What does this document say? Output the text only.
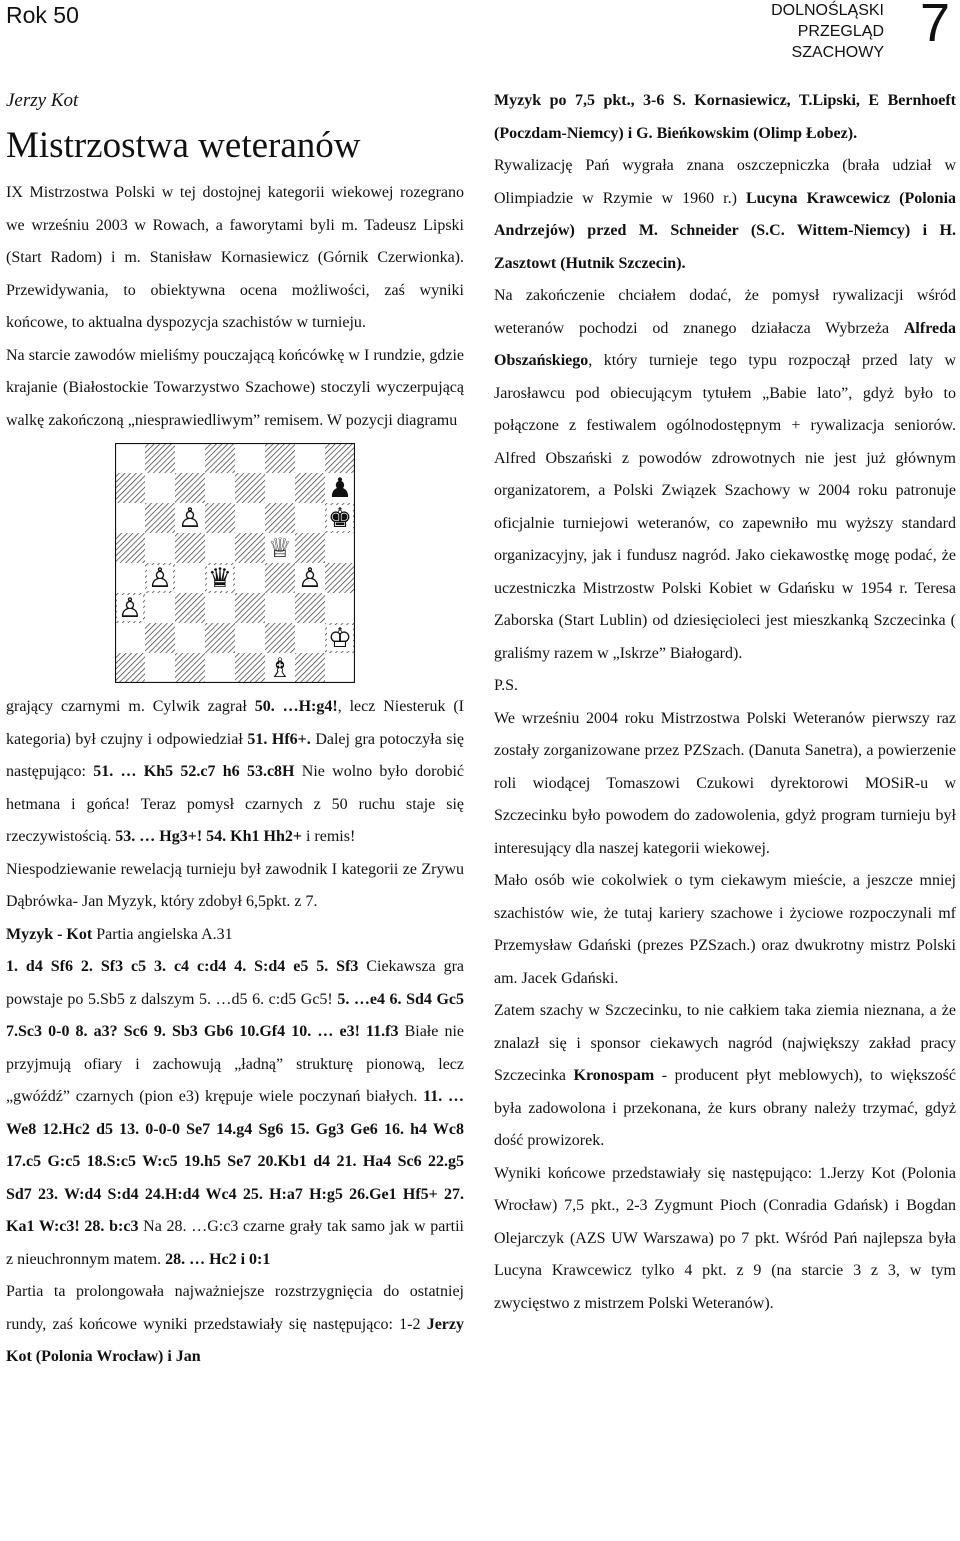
Rok 50	DOLNOŚLĄSKI
PRZEGLĄD
SZACHOWY 7

Jerzy Kot

Mistrzostwa weteranów

IX Mistrzostwa Polski w tej dostojnej kategorii wiekowej rozegrano we wrześniu 2003 w Rowach, a faworytami byli m. Tadeusz Lipski (Start Radom) i m. Stanisław Kornasiewicz (Górnik Czerwionka). Przewidywania, to obiektywna ocena możliwości, zaś wyniki końcowe, to aktualna dyspozycja szachistów w turnieju.

Na starcie zawodów mieliśmy pouczającą końcówkę w I rundzie, gdzie krajanie (Białostockie Towarzystwo Szachowe) stoczyli wyczerpującą walkę zakończoną „niesprawiedliwym” remisem. W pozycji diagramu

♟
♙	♚
♕
♙ ♛ ♙
♙
♔
♗

grający czarnymi m. Cylwik zagrał 50. …H:g4!, lecz Niesteruk (I kategoria) był czujny i odpowiedział 51. Hf6+. Dalej gra potoczyła się następująco: 51. … Kh5 52.c7 h6 53.c8H Nie wolno było dorobić hetmana i gońca! Teraz pomysł czarnych z 50 ruchu staje się rzeczywistością. 53. … Hg3+! 54. Kh1 Hh2+ i remis!

Niespodziewanie rewelacją turnieju był zawodnik I kategorii ze Zrywu Dąbrówka- Jan Myzyk, który zdobył 6,5pkt. z 7.

Myzyk - Kot Partia angielska A.31

1. d4 Sf6 2. Sf3 c5 3. c4 c:d4 4. S:d4 e5 5. Sf3 Ciekawsza gra powstaje po 5.Sb5 z dalszym 5. …d5 6. c:d5 Gc5! 5. …e4 6. Sd4 Gc5 7.Sc3 0-0 8. a3? Sc6 9. Sb3 Gb6 10.Gf4 10. … e3! 11.f3 Białe nie przyjmują ofiary i zachowują „ładną” strukturę pionową, lecz „gwóźdź” czarnych (pion e3) krępuje wiele poczynań białych. 11. …We8 12.Hc2 d5 13. 0-0-0 Se7 14.g4 Sg6 15. Gg3 Ge6 16. h4 Wc8 17.c5 G:c5 18.S:c5 W:c5 19.h5 Se7 20.Kb1 d4 21. Ha4 Sc6 22.g5 Sd7 23. W:d4 S:d4 24.H:d4 Wc4 25. H:a7 H:g5 26.Ge1 Hf5+ 27. Ka1 W:c3! 28. b:c3 Na 28. …G:c3 czarne grały tak samo jak w partii z nieuchronnym matem. 28. … Hc2 i 0:1

Partia ta prolongowała najważniejsze rozstrzygnięcia do ostatniej rundy, zaś końcowe wyniki przedstawiały się następująco: 1-2 Jerzy Kot (Polonia Wrocław) i Jan

Myzyk po 7,5 pkt., 3-6 S. Kornasiewicz, T.Lipski, E Bernhoeft (Poczdam-Niemcy) i G. Bieńkowskim (Olimp Łobez).

Rywalizację Pań wygrała znana oszczepniczka (brała udział w Olimpiadzie w Rzymie w 1960 r.) Lucyna Krawcewicz (Polonia Andrzejów) przed M. Schneider (S.C. Wittem-Niemcy) i H. Zasztowt (Hutnik Szczecin).

Na zakończenie chciałem dodać, że pomysł rywalizacji wśród weteranów pochodzi od znanego działacza Wybrzeża Alfreda Obszańskiego, który turnieje tego typu rozpoczął przed laty w Jarosławcu pod obiecującym tytułem „Babie lato”, gdyż było to połączone z festiwalem ogólnodostępnym + rywalizacja seniorów. Alfred Obszański z powodów zdrowotnych nie jest już głównym organizatorem, a Polski Związek Szachowy w 2004 roku patronuje oficjalnie turniejowi weteranów, co zapewniło mu wyższy standard organizacyjny, jak i fundusz nagród. Jako ciekawostkę mogę podać, że uczestniczka Mistrzostw Polski Kobiet w Gdańsku w 1954 r. Teresa Zaborska (Start Lublin) od dziesięcioleci jest mieszkanką Szczecinka ( graliśmy razem w „Iskrze” Białogard).

P.S.

We wrześniu 2004 roku Mistrzostwa Polski Weteranów pierwszy raz zostały zorganizowane przez PZSzach. (Danuta Sanetra), a powierzenie roli wiodącej Tomaszowi Czukowi dyrektorowi MOSiR-u w Szczecinku było powodem do zadowolenia, gdyż program turnieju był interesujący dla naszej kategorii wiekowej.

Mało osób wie cokolwiek o tym ciekawym mieście, a jeszcze mniej szachistów wie, że tutaj kariery szachowe i życiowe rozpoczynali mf Przemysław Gdański (prezes PZSzach.) oraz dwukrotny mistrz Polski am. Jacek Gdański.

Zatem szachy w Szczecinku, to nie całkiem taka ziemia nieznana, a że znalazł się i sponsor ciekawych nagród (największy zakład pracy Szczecinka Kronospam - producent płyt meblowych), to większość była zadowolona i przekonana, że kurs obrany należy trzymać, gdyż dość prowizorek.

Wyniki końcowe przedstawiały się następująco: 1.Jerzy Kot (Polonia Wrocław) 7,5 pkt., 2-3 Zygmunt Pioch (Conradia Gdańsk) i Bogdan Olejarczyk (AZS UW Warszawa) po 7 pkt. Wśród Pań najlepsza była Lucyna Krawcewicz tylko 4 pkt. z 9 (na starcie 3 z 3, w tym zwycięstwo z mistrzem Polski Weteranów).
